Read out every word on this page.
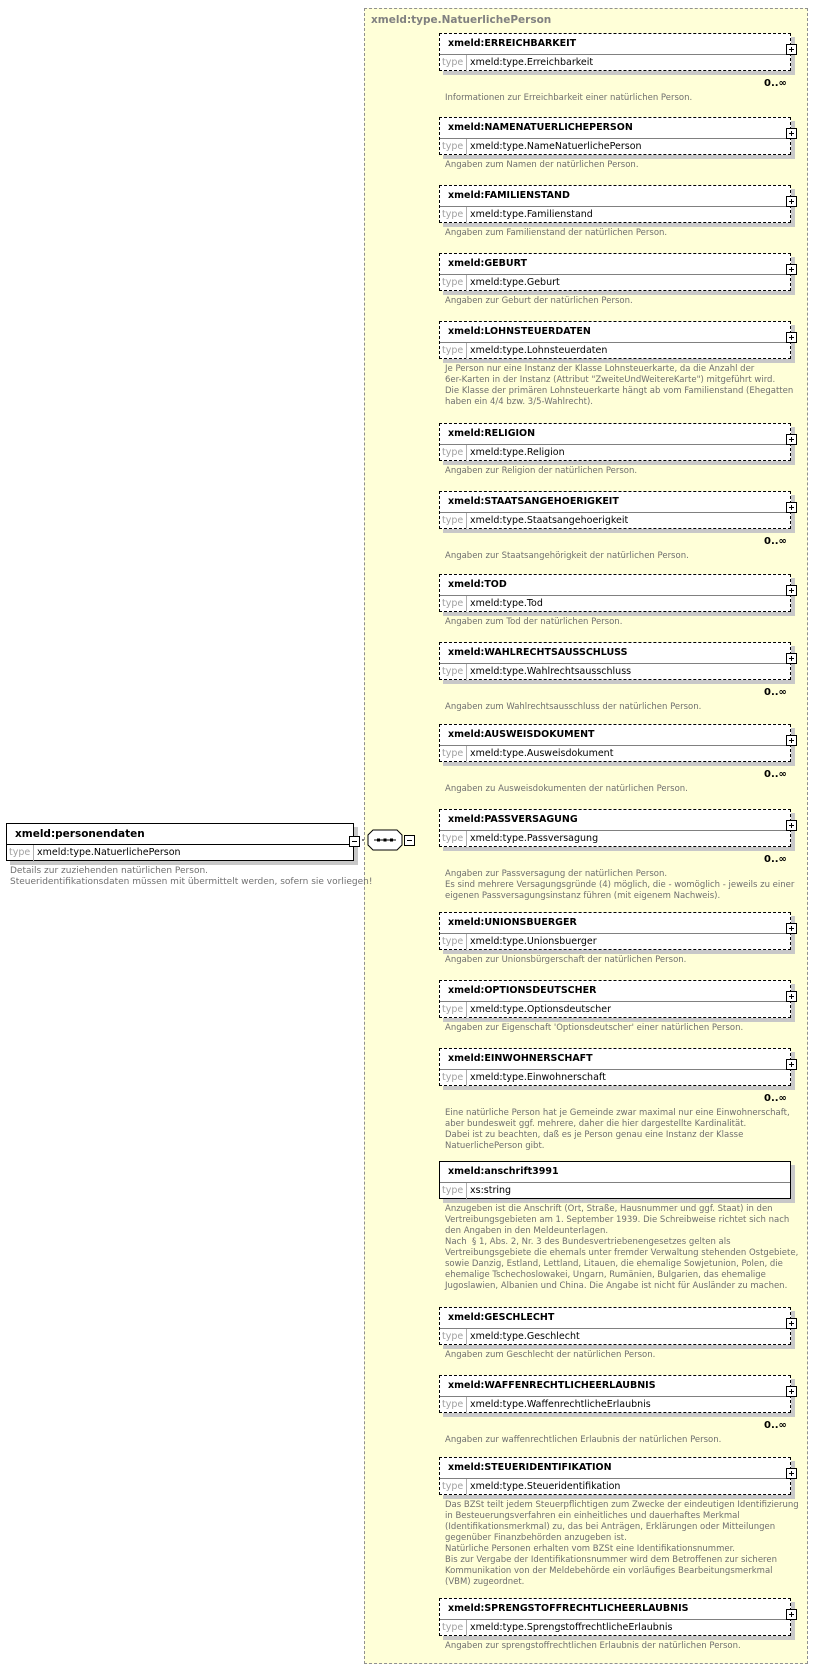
xmeld:type.NatuerlichePerson
xmeld:personendaten
type xmeld:type.NatuerlichePerson
Details zur zuziehenden natürlichen Person.
Steueridentifikationsdaten müssen mit übermittelt werden, sofern sie vorliegen!
xmeld:ERREICHBARKEIT
type xmeld:type.Erreichbarkeit
0..∞
Informationen zur Erreichbarkeit einer natürlichen Person.
xmeld:NAMENATUERLICHEPERSON
type xmeld:type.NameNatuerlichePerson
Angaben zum Namen der natürlichen Person.
xmeld:FAMILIENSTAND
type xmeld:type.Familienstand
Angaben zum Familienstand der natürlichen Person.
xmeld:GEBURT
type xmeld:type.Geburt
Angaben zur Geburt der natürlichen Person.
xmeld:LOHNSTEUERDATEN
type xmeld:type.Lohnsteuerdaten
Je Person nur eine Instanz der Klasse Lohnsteuerkarte, da die Anzahl der
6er-Karten in der Instanz (Attribut "ZweiteUndWeitereKarte") mitgeführt wird.
Die Klasse der primären Lohnsteuerkarte hängt ab vom Familienstand (Ehegatten
haben ein 4/4 bzw. 3/5-Wahlrecht).
xmeld:RELIGION
type xmeld:type.Religion
Angaben zur Religion der natürlichen Person.
xmeld:STAATSANGEHOERIGKEIT
type xmeld:type.Staatsangehoerigkeit
0..∞
Angaben zur Staatsangehörigkeit der natürlichen Person.
xmeld:TOD
type xmeld:type.Tod
Angaben zum Tod der natürlichen Person.
xmeld:WAHLRECHTSAUSSCHLUSS
type xmeld:type.Wahlrechtsausschluss
0..∞
Angaben zum Wahlrechtsausschluss der natürlichen Person.
xmeld:AUSWEISDOKUMENT
type xmeld:type.Ausweisdokument
0..∞
Angaben zu Ausweisdokumenten der natürlichen Person.
xmeld:PASSVERSAGUNG
type xmeld:type.Passversagung
0..∞
Angaben zur Passversagung der natürlichen Person.
Es sind mehrere Versagungsgründe (4) möglich, die - womöglich - jeweils zu einer
eigenen Passversagungsinstanz führen (mit eigenem Nachweis).
xmeld:UNIONSBUERGER
type xmeld:type.Unionsbuerger
Angaben zur Unionsbürgerschaft der natürlichen Person.
xmeld:OPTIONSDEUTSCHER
type xmeld:type.Optionsdeutscher
Angaben zur Eigenschaft 'Optionsdeutscher' einer natürlichen Person.
xmeld:EINWOHNERSCHAFT
type xmeld:type.Einwohnerschaft
0..∞
Eine natürliche Person hat je Gemeinde zwar maximal nur eine Einwohnerschaft,
aber bundesweit ggf. mehrere, daher die hier dargestellte Kardinalität.
Dabei ist zu beachten, daß es je Person genau eine Instanz der Klasse
NatuerlichePerson gibt.
xmeld:anschrift3991
type xs:string
Anzugeben ist die Anschrift (Ort, Straße, Hausnummer und ggf. Staat) in den
Vertreibungsgebieten am 1. September 1939. Die Schreibweise richtet sich nach
den Angaben in den Meldeunterlagen.
Nach  § 1, Abs. 2, Nr. 3 des Bundesvertriebenengesetzes gelten als
Vertreibungsgebiete die ehemals unter fremder Verwaltung stehenden Ostgebiete,
sowie Danzig, Estland, Lettland, Litauen, die ehemalige Sowjetunion, Polen, die
ehemalige Tschechoslowakei, Ungarn, Rumänien, Bulgarien, das ehemalige
Jugoslawien, Albanien und China. Die Angabe ist nicht für Ausländer zu machen.
xmeld:GESCHLECHT
type xmeld:type.Geschlecht
Angaben zum Geschlecht der natürlichen Person.
xmeld:WAFFENRECHTLICHEERLAUBNIS
type xmeld:type.WaffenrechtlicheErlaubnis
0..∞
Angaben zur waffenrechtlichen Erlaubnis der natürlichen Person.
xmeld:STEUERIDENTIFIKATION
type xmeld:type.Steueridentifikation
Das BZSt teilt jedem Steuerpflichtigen zum Zwecke der eindeutigen Identifizierung
in Besteuerungsverfahren ein einheitliches und dauerhaftes Merkmal
(Identifikationsmerkmal) zu, das bei Anträgen, Erklärungen oder Mitteilungen
gegenüber Finanzbehörden anzugeben ist.
Natürliche Personen erhalten vom BZSt eine Identifikationsnummer.
Bis zur Vergabe der Identifikationsnummer wird dem Betroffenen zur sicheren
Kommunikation von der Meldebehörde ein vorläufiges Bearbeitungsmerkmal
(VBM) zugeordnet.
xmeld:SPRENGSTOFFRECHTLICHEERLAUBNIS
type xmeld:type.SprengstoffrechtlicheErlaubnis
Angaben zur sprengstoffrechtlichen Erlaubnis der natürlichen Person.
